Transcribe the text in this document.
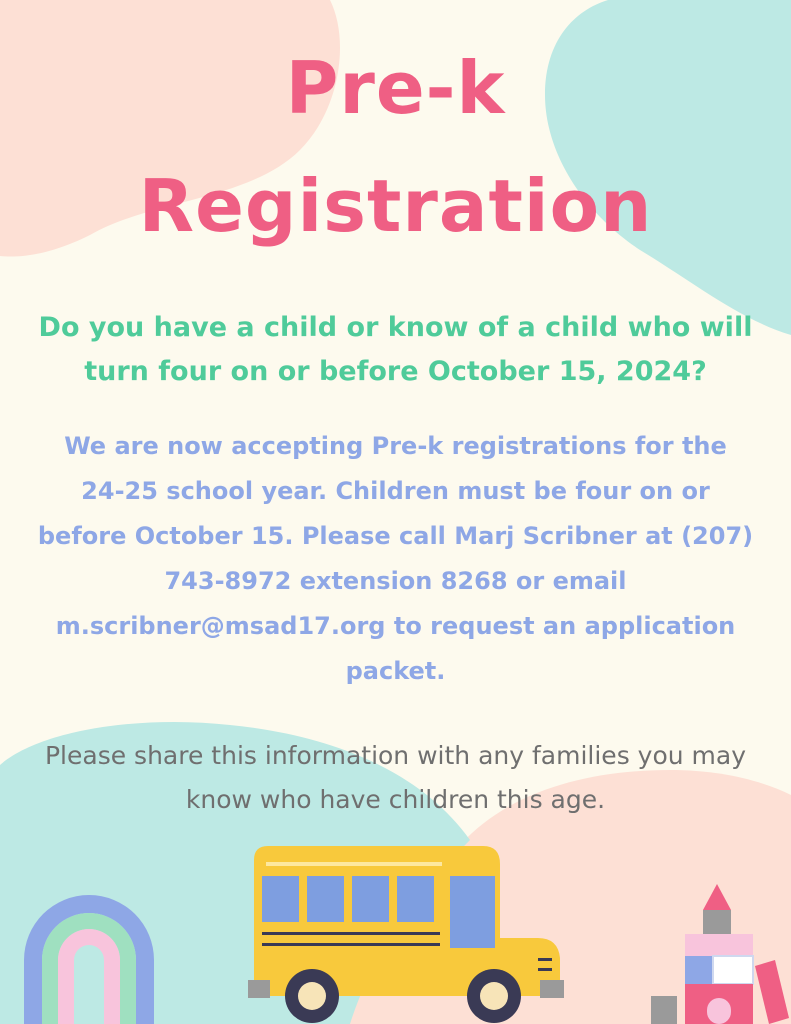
Pre-k
Registration

Do you have a child or know of a child who will turn four on or before October 15, 2024?

We are now accepting Pre-k registrations for the
24-25 school year. Children must be four on or
before October 15. Please call Marj Scribner at (207)
743-8972 extension 8268 or email
m.scribner@msad17.org to request an application
packet.
Please share this information with any families you may
know who have children this age.
